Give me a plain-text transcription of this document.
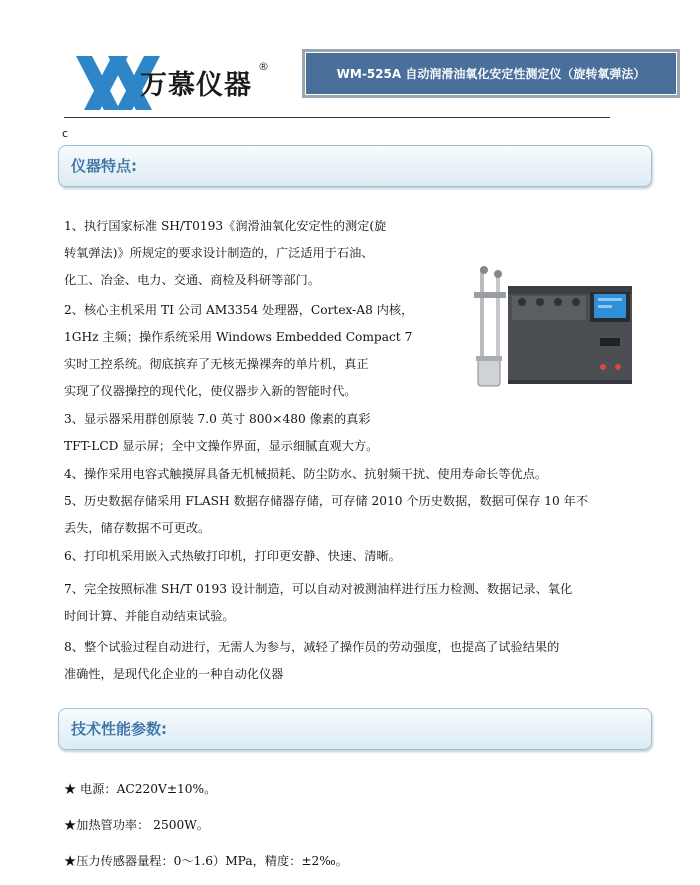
万慕仪器
®
WM-525A 自动润滑油氧化安定性测定仪（旋转氧弹法）
c
仪器特点:
1、执行国家标准 SH/T0193《润滑油氧化安定性的测定(旋
转氧弹法)》所规定的要求设计制造的，广泛适用于石油、
化工、冶金、电力、交通、商检及科研等部门。
2、核心主机采用 TI 公司 AM3354 处理器，Cortex-A8 内核，
1GHz 主频；操作系统采用 Windows Embedded Compact 7
实时工控系统。彻底摈弃了无核无操裸奔的单片机，真正
实现了仪器操控的现代化，使仪器步入新的智能时代。
3、显示器采用群创原装 7.0 英寸 800×480 像素的真彩
TFT-LCD 显示屏；全中文操作界面，显示细腻直观大方。
4、操作采用电容式触摸屏具备无机械损耗、防尘防水、抗射频干扰、使用寿命长等优点。
5、历史数据存储采用 FLASH 数据存储器存储，可存储 2010 个历史数据，数据可保存 10 年不
丢失，储存数据不可更改。
6、打印机采用嵌入式热敏打印机，打印更安静、快速、清晰。
7、完全按照标准 SH/T 0193 设计制造，可以自动对被测油样进行压力检测、数据记录、氧化
时间计算、并能自动结束试验。
8、整个试验过程自动进行，无需人为参与，减轻了操作员的劳动强度，也提高了试验结果的
准确性，是现代化企业的一种自动化仪器
技术性能参数:
★ 电源：AC220V±10%。
★加热管功率： 2500W。
★压力传感器量程：0～1.6）MPa，精度：±2‰。
